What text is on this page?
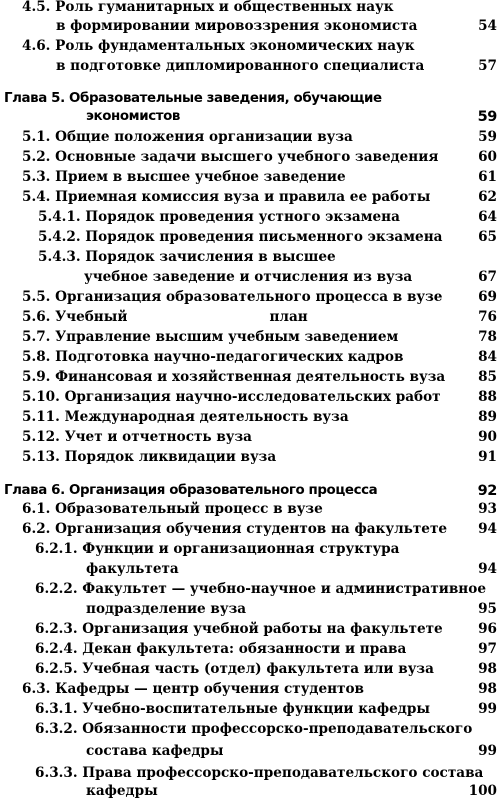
4.5. Роль гуманитарных и общественных наук
в формировании мировоззрения экономиста	54
4.6. Роль фундаментальных экономических наук
в подготовке дипломированного специалиста	57
Глава 5. Образовательные заведения, обучающие
экономистов	59
5.1. Общие положения организации вуза	59
5.2. Основные задачи высшего учебного заведения	60
5.3. Прием в высшее учебное заведение	61
5.4. Приемная комиссия вуза и правила ее работы	62
5.4.1. Порядок проведения устного экзамена	64
5.4.2. Порядок проведения письменного экзамена	65
5.4.3. Порядок зачисления в высшее
учебное заведение и отчисления из вуза	67
5.5. Организация образовательного процесса в вузе	69
5.6. Учебный                              план	76
5.7. Управление высшим учебным заведением	78
5.8. Подготовка научно-педагогических кадров	84
5.9. Финансовая и хозяйственная деятельность вуза 85
5.10. Организация научно-исследовательских работ	88
5.11. Международная деятельность вуза	89
5.12. Учет и отчетность вуза	90
5.13. Порядок ликвидации вуза	91
Глава 6. Организация образовательного процесса	92
6.1. Образовательный процесс в вузе	93
6.2. Организация обучения студентов на факультете 94
6.2.1. Функции и организационная структура
факультета	94
6.2.2. Факультет — учебно-научное и административное
подразделение вуза	95
6.2.3. Организация учебной работы на факультете	96
6.2.4. Декан факультета: обязанности и права	97
6.2.5. Учебная часть (отдел) факультета или вуза	98
6.3. Кафедры — центр обучения студентов	98
6.3.1. Учебно-воспитательные функции кафедры	99
6.3.2. Обязанности профессорско-преподавательского
состава кафедры	99
6.3.3. Права профессорско-преподавательского состава
кафедры	100
